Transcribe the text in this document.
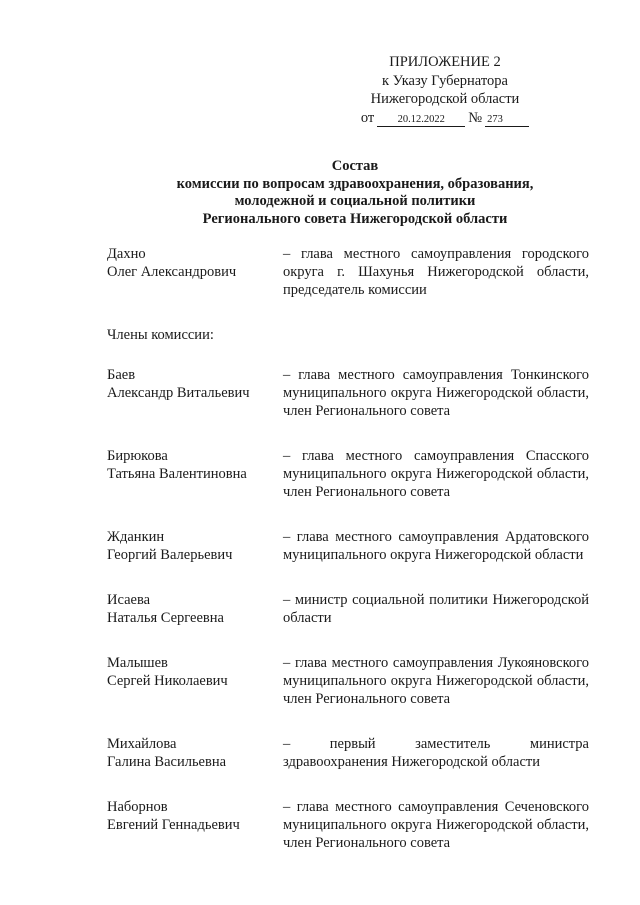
ПРИЛОЖЕНИЕ 2
к Указу Губернатора
Нижегородской области
от	20.12.2022	№ 273
Состав
комиссии по вопросам здравоохранения, образования,
молодежной и социальной политики
Регионального совета Нижегородской области
Дахно
Олег Александрович
– глава местного самоуправления городского округа г. Шахунья Нижегородской области, председатель комиссии
Члены комиссии:
Баев
Александр Витальевич
– глава местного самоуправления Тонкинского муниципального округа Нижегородской области, член Регионального совета
Бирюкова
Татьяна Валентиновна
– глава местного самоуправления Спасского муниципального округа Нижегородской области, член Регионального совета
Жданкин
Георгий Валерьевич
– глава местного самоуправления Ардатовского муниципального округа Нижегородской области
Исаева
Наталья Сергеевна
– министр социальной политики Нижегородской области
Малышев
Сергей Николаевич
– глава местного самоуправления Лукояновского муниципального округа Нижегородской области, член Регионального совета
Михайлова
Галина Васильевна
– первый заместитель министра здравоохранения Нижегородской области
Наборнов
Евгений Геннадьевич
– глава местного самоуправления Сеченовского муниципального округа Нижегородской области, член Регионального совета
